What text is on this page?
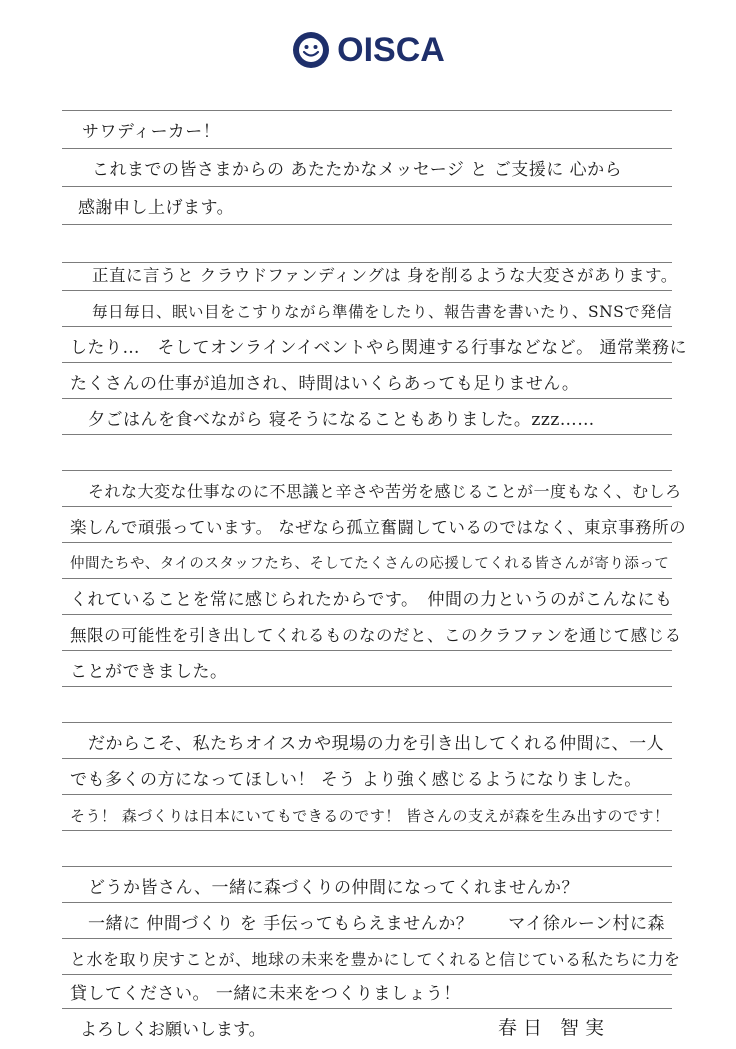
OISCA
サワディーカー！
これまでの皆さまからの あたたかなメッセージ と ご支援に 心から
感謝申し上げます。
正直に言うと クラウドファンディングは 身を削るような大変さがあります。
毎日毎日、眠い目をこすりながら準備をしたり、報告書を書いたり、SNSで発信
したり…　そしてオンラインイベントやら関連する行事などなど。 通常業務に
たくさんの仕事が追加され、時間はいくらあっても足りません。
夕ごはんを食べながら 寝そうになることもありました。zzz……
それな大変な仕事なのに不思議と辛さや苦労を感じることが一度もなく、むしろ
楽しんで頑張っています。 なぜなら孤立奮闘しているのではなく、東京事務所の
仲間たちや、タイのスタッフたち、そしてたくさんの応援してくれる皆さんが寄り添って
くれていることを常に感じられたからです。　仲間の力というのがこんなにも
無限の可能性を引き出してくれるものなのだと、このクラファンを通じて感じる
ことができました。
だからこそ、私たちオイスカや現場の力を引き出してくれる仲間に、一人
でも多くの方になってほしい！ そう より強く感じるようになりました。
そう！ 森づくりは日本にいてもできるのです！ 皆さんの支えが森を生み出すのです！
どうか皆さん、一緒に森づくりの仲間になってくれませんか？
一緒に 仲間づくり を 手伝ってもらえませんか？　　マイ徐ルーン村に森
と水を取り戻すことが、地球の未来を豊かにしてくれると信じている私たちに力を
貸してください。 一緒に未来をつくりましょう！
よろしくお願いします。	春日 智実
